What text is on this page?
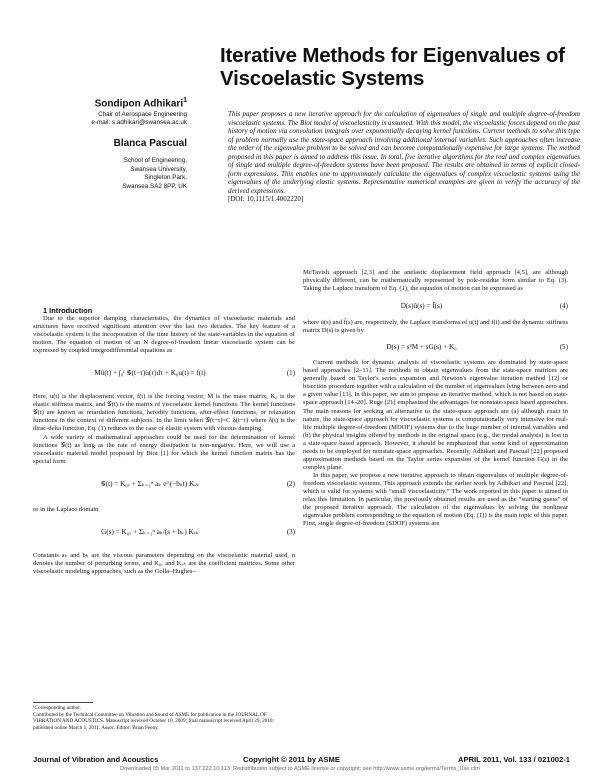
Iterative Methods for Eigenvalues of Viscoelastic Systems
Sondipon Adhikari$^1$
Chair of Aerospace Engineering
e-mail: s.adhikari@swansea.ac.uk
Blanca Pascual
School of Engineering,
Swansea University,
Singleton Park,
Swansea SA2 8PP, UK
This paper proposes a new iterative approach for the calculation of eigenvalues of single and multiple degree-of-freedom viscoelastic systems. The Biot model of viscoelasticity is assumed. With this model, the viscoelastic forces depend on the past history of motion via convolution integrals over exponentially decaying kernel functions. Current methods to solve this type of problem normally use the state-space approach involving additional internal variables. Such approaches often increase the order of the eigenvalue problem to be solved and can become computationally expensive for large systems. The method proposed in this paper is aimed to address this issue. In total, five iterative algorithms for the real and complex eigenvalues of single and multiple degree-of-freedom systems have been proposed. The results are obtained in terms of explicit closed-form expressions. This enables one to approximately calculate the eigenvalues of complex viscoelastic systems using the eigenvalues of the underlying elastic systems. Representative numerical examples are given to verify the accuracy of the derived expressions.
[DOI: 10.1115/1.4002220]

1 Introduction

Due to the superior damping characteristics, the dynamics of viscoelastic materials and structures have received significant attention over the last two decades. The key feature of a viscoelastic system is the incorporation of the time history of the state-variables in the equation of motion. The equation of motion of an N degree-of-freedom linear viscoelastic system can be expressed by coupled integrodifferential equations as

Mü(t) + ∫₀ᵗ 𝒢(t−τ)u̇(τ)dτ + K₀u(t) = f(t)	(1)

Here, u(t) is the displacement vector, f(t) is the forcing vector, M is the mass matrix, K₀ is the elastic stiffness matrix, and 𝒢(t) is the matrix of viscoelastic kernel functions. The kernel functions 𝒢(t) are known as retardation functions, heredity functions, after-effect functions, or relaxation functions in the context of different subjects. In the limit when 𝒢(t−τ)=C δ(t−τ) where δ(t) is the dirac-delta function, Eq. (1) reduces to the case of elastic system with viscous damping.

A wide variety of mathematical approaches could be used for the determination of kernel functions 𝒢(t) as long as the rate of energy dissipation is non-negative. Here, we will use a viscoelastic material model proposed by Biot [1] for which the kernel function matrix has the special form

𝒢(t) = K₀ᵥ + Σₖ₌₁ⁿ aₖ e^(−bₖt) Kᵥₖ	(2)

or in the Laplace domain

G(s) = K₀ᵥ + Σₖ₌₁ⁿ aₖ/(s + bₖ) Kᵥₖ	(3)

Constants aₖ and bₖ are the viscous parameters depending on the viscoelastic material used, n denotes the number of perturbing terms, and K₀ᵥ and Kᵥₖ are the coefficient matrices. Some other viscoelastic modeling approaches, such as the Golla–Hughes–

McTavish approach [2,3] and the anelastic displacement field approach [4,5], are although physically different, can be mathematically represented by pole-residue form similar to Eq. (3). Taking the Laplace transform of Eq. (1), the equation of motion can be expressed as

D(s)ū(s) = f̄(s)	(4)

where ū(s) and f̄(s) are, respectively, the Laplace transforms of u(t) and f(t) and the dynamic stiffness matrix D(s) is given by

D(s) = s²M + sG(s) + K₀	(5)

Current methods for dynamic analysis of viscoelastic systems are dominated by state-space based approaches [2–11]. The methods to obtain eigenvalues from the state-space matrices are generally based on Taylor's series expansion and Newton's eigenvalue iteration method [12] or bisection procedure together with a calculation of the number of eigenvalues lying between zero and a given value [13]. In this paper, we aim to propose an iterative method, which is not based on state-space approach [14–20]. Ruge [21] emphasized the advantages for nonstate-space based approaches. The main reasons for seeking an alternative to the state-space approach are (a) although exact in nature, the state-space approach for viscoelastic systems is computationally very intensive for real-life multiple degree-of-freedom (MDOF) systems due to the huge number of internal variables and (b) the physical insights offered by methods in the original space (e.g., the modal analysis) is lost in a state-space based approach. However, it should be emphasized that some kind of approximation needs to be employed for nonstate-space approaches. Recently, Adhikari and Pascual [22] proposed approximation methods based on the Taylor series expansion of the kernel function G(s) in the complex plane.

In this paper, we propose a new iterative approach to obtain eigenvalues of multiple degree-of-freedom viscoelastic systems. This approach extends the earlier work by Adhikari and Pascual [22], which is valid for systems with “small viscoelasticity.” The work reported in this paper is aimed to relax this limitation. In particular, the previously obtained results are used as the “starting guess” of the proposed iterative approach. The calculation of the eigenvalues by solving the nonlinear eigenvalue problem corresponding to the equation of motion (Eq. (1)) is the main topic of this paper. First, single degree-of-freedom (SDOF) systems are

¹Corresponding author.

Contributed by the Technical Committee on Vibration and Sound of ASME for publication in the JOURNAL OF VIBRATION AND ACOUSTICS. Manuscript received October 10, 2009; final manuscript received April 29, 2010; published online March 1, 2011. Assoc. Editor: Brian Feeny.

Journal of Vibration and Acoustics	Copyright © 2011 by ASME	APRIL 2011, Vol. 133 / 021002-1
Downloaded 05 Mar 2011 to 137.222.10.113. Redistribution subject to ASME license or copyright; see http://www.asme.org/terms/Terms_Use.cfm
